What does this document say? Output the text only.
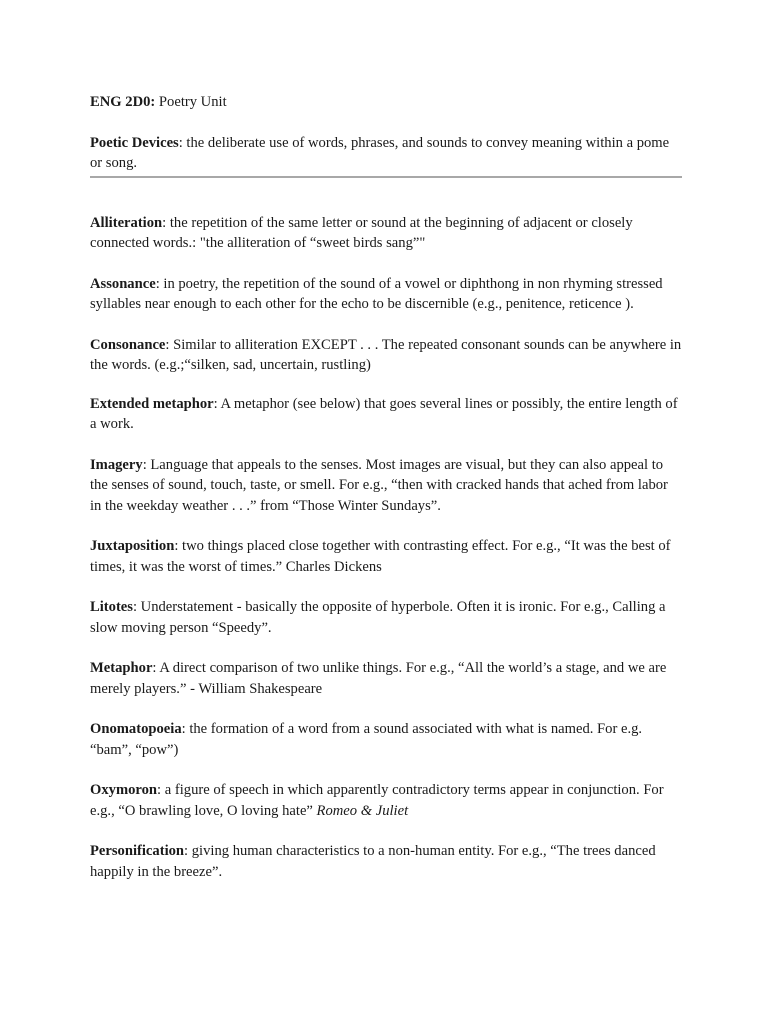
ENG 2D0: Poetry Unit

Poetic Devices: the deliberate use of words, phrases, and sounds to convey meaning within a pome or song.

Alliteration: the repetition of the same letter or sound at the beginning of adjacent or closely connected words.: "the alliteration of “sweet birds sang”"

Assonance: in poetry, the repetition of the sound of a vowel or diphthong in non rhyming stressed syllables near enough to each other for the echo to be discernible (e.g., penitence, reticence ).

Consonance: Similar to alliteration EXCEPT . . . The repeated consonant sounds can be anywhere in the words. (e.g.;“silken, sad, uncertain, rustling)

Extended metaphor: A metaphor (see below) that goes several lines or possibly, the entire length of a work.

Imagery: Language that appeals to the senses. Most images are visual, but they can also appeal to the senses of sound, touch, taste, or smell. For e.g., “then with cracked hands that ached from labor in the weekday weather . . .” from “Those Winter Sundays”.

Juxtaposition: two things placed close together with contrasting effect. For e.g., “It was the best of times, it was the worst of times.” Charles Dickens

Litotes: Understatement - basically the opposite of hyperbole. Often it is ironic. For e.g., Calling a slow moving person “Speedy”.

Metaphor: A direct comparison of two unlike things. For e.g., “All the world’s a stage, and we are merely players.” - William Shakespeare

Onomatopoeia: the formation of a word from a sound associated with what is named. For e.g. “bam”, “pow”)

Oxymoron: a figure of speech in which apparently contradictory terms appear in conjunction. For e.g., “O brawling love, O loving hate” Romeo & Juliet

Personification: giving human characteristics to a non-human entity. For e.g., “The trees danced happily in the breeze”.
